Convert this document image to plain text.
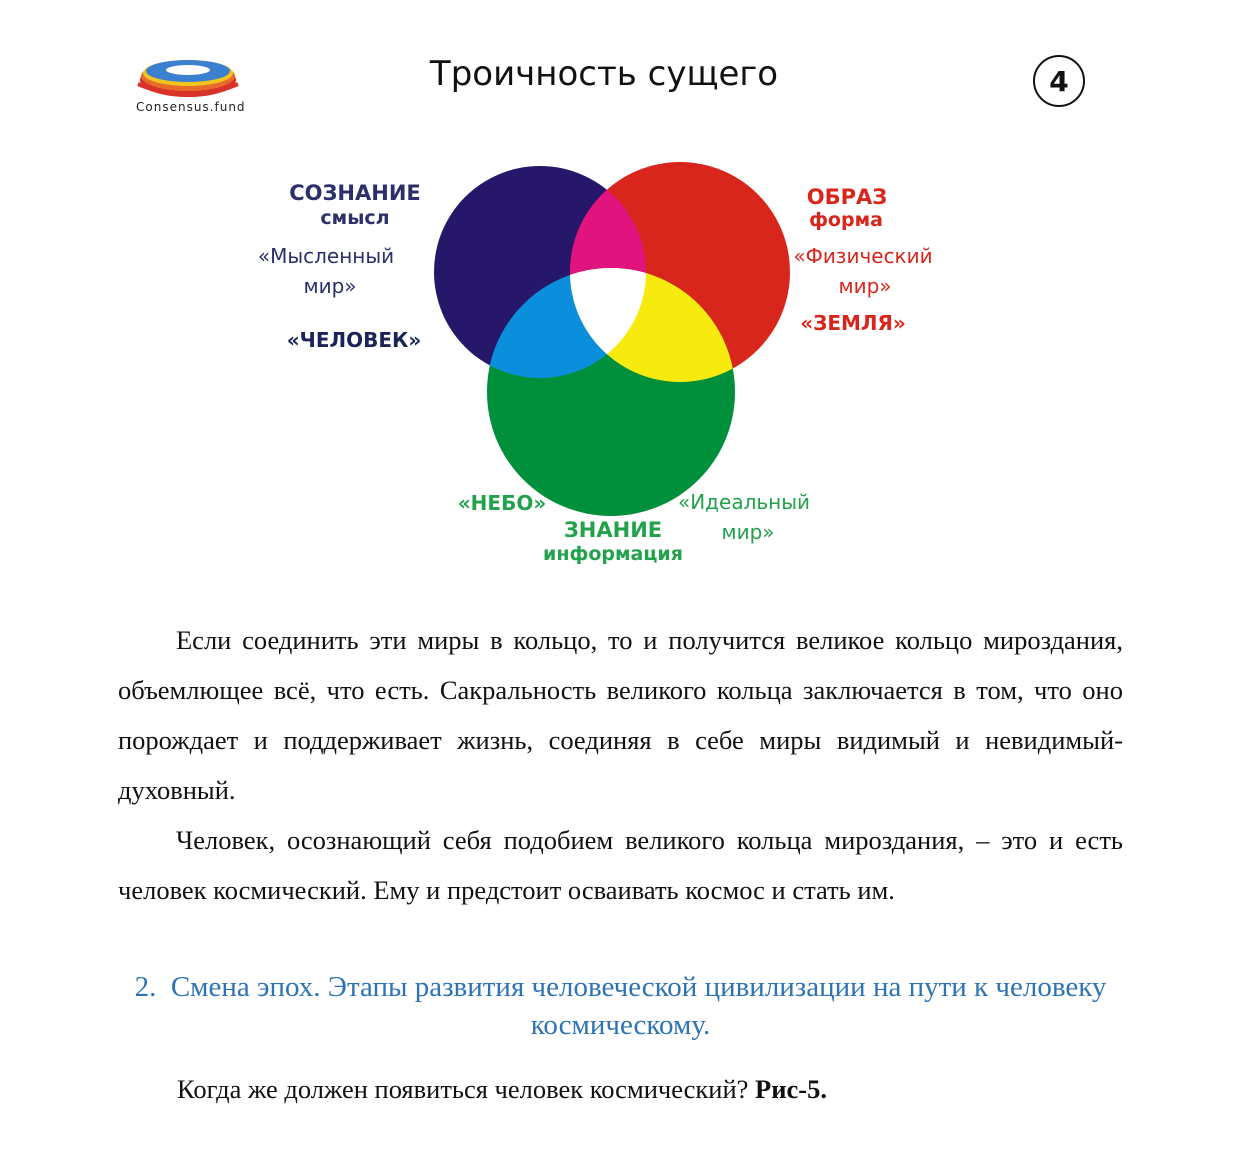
Consensus.fund
Троичность сущего	4
СОЗНАНИЕ
смысл
«Мысленный
мир»
«ЧЕЛОВЕК»
ОБРАЗ
форма
«Физический
мир»
«ЗЕМЛЯ»
«НЕБО»	«Идеальный
мир»
ЗНАНИЕ
информация

Если соединить эти миры в кольцо, то и получится великое кольцо мироздания, объемлющее всё, что есть. Сакральность великого кольца заключается в том, что оно порождает и поддерживает жизнь, соединяя в себе миры видимый и невидимый-духовный.

Человек, осознающий себя подобием великого кольца мироздания, – это и есть человек космический. Ему и предстоит осваивать космос и стать им.

2. Смена эпох. Этапы развития человеческой цивилизации на пути к человеку космическому.
Когда же должен появиться человек космический? Рис-5.
